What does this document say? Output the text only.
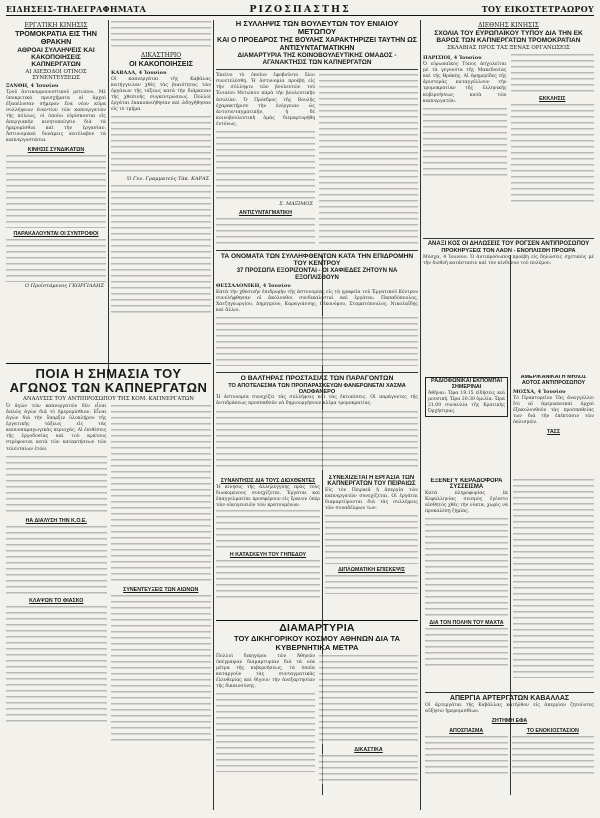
ΕΙΔΗΣΕΙΣ-ΤΗΛΕΓΡΑΦΗΜΑΤΑ	ΡΙΖΟΣΠΑΣΤΗΣ	ΤΟΥ ΕΙΚΟΣΤΕΤΡΑΩΡΟΥ
ΕΡΓΑΤΙΚΗ ΚΙΝΗΣΙΣ
ΤΡΟΜΟΚΡΑΤΙΑ ΕΙΣ ΤΗΝ ΘΡΑΚΗΝ
ΑΘΡΟΑΙ ΣΥΛΛΗΨΕΙΣ ΚΑΙ ΚΑΚΟΠΟΙΗΣΕΙΣ ΚΑΠΝΕΡΓΑΤΩΝ
ΑΙ ΔΙΕΞΟΔΟΙ ΟΤΙΝΟΣ ΣΥΝΕΝΤΕΥΞΕΩΣ
ΞΑΝΘΗ, 4 Ἰουνίου
Τροῦ ἀντικομμουνιστικοῦ μετώπου. Μὲ ὑποκριτικὰ προσχήματα αἱ ἀρχαὶ ἐξαπέλυσαν σήμερον ἕνα νέον κῦμα συλλήψεων ἐναντίον τῶν καπνεργατῶν τῆς πόλεως, οἱ ὁποῖοι εὑρίσκονται εἰς ἀπεργιακὴν κινητοποίησιν διὰ τὰ ἡμερομίσθια καὶ τὴν ἐργασίαν. Ἀστυνομικαὶ δυνάμεις κατέλαβον τὰ καπνεργοστάσια.
ΚΙΝΗΣΙΣ ΣΥΝΔΙΚΑΤΩΝ
ΠΑΡΑΚΑΛΟΥΝΤΑΙ ΟΙ ΣΥΝΤΡΟΦΟΙ
Ο Προϊστάμενος ΓΕΩΡΓΙΑΔΗΣ
ΔΙΚΑΣΤΗΡΙΟ
ΟΙ ΚΑΚΟΠΟΙΗΣΕΙΣ
ΚΑΒΑΛΑ, 4 Ἰουνίου
Οἱ καπνεργάται τῆς Καβάλας κατήγγειλαν χθὲς τὰς βιαιότητας τῶν ὀργάνων τῆς τάξεως κατὰ τὴν διάρκειαν τῆς χθεσινῆς συγκεντρώσεως. Πολλοὶ ἐργάται ἐκακοποιήθησαν καὶ ὡδηγήθησαν εἰς τὸ τμῆμα.
Ὁ Γεν. Γραμματεὺς Τάκ. ΚΑΡΑΣ
Η ΣΥΛΛΗΨΙΣ ΤΩΝ ΒΟΥΛΕΥΤΩΝ ΤΟΥ ΕΝΙΑΙΟΥ ΜΕΤΩΠΟΥ
ΚΑΙ Ο ΠΡΟΕΔΡΟΣ ΤΗΣ ΒΟΥΛΗΣ ΧΑΡΑΚΤΗΡΙΖΕΙ ΤΑΥΤΗΝ ΩΣ ΑΝΤΙΣΥΝΤΑΓΜΑΤΙΚΗΝ
ΔΙΑΜΑΡΤΥΡΙΑ ΤΗΣ ΚΟΙΝΟΒΟΥΛΕΥΤΙΚΗΣ ΟΜΑΔΟΣ - ΑΓΑΝΑΚΤΗΣΙΣ ΤΩΝ ΚΑΠΝΕΡΓΑΤΩΝ
Ἐκείνο τὸ ὁποῖον ἐφοβοῦντο ὅλοι συνετελέσθη. Ἡ ἀστυνομία προέβη εἰς τὴν σύλληψιν τῶν βουλευτῶν τοῦ Ἑνιαίου Μετώπου παρὰ τὴν βουλευτικὴν ἀσυλίαν. Ὁ Πρόεδρος τῆς Βουλῆς ἐχαρακτήρισε τὴν ἐνέργειαν ὡς ἀντισυνταγματικήν, ἡ δὲ κοινοβουλευτικὴ ὁμὰς διεμαρτυρήθη ἐντόνως.
Σ. ΜΑΞΙΜΟΣ
ΑΝΤΙΣΥΝΤΑΓΜΑΤΙΚΗ
ΤΑ ΟΝΟΜΑΤΑ ΤΩΝ ΣΥΛΛΗΦΘΕΝΤΩΝ ΚΑΤΑ ΤΗΝ ΕΠΙΔΡΟΜΗΝ ΤΟΥ ΚΕΝΤΡΟΥ
37 ΠΡΟΣΩΠΑ ΕΞΟΡΙΖΟΝΤΑΙ - ΟΙ ΧΑΦΙΕΔΕΣ ΖΗΤΟΥΝ ΝΑ ΕΞΟΠΛΙΣΘΟΥΝ
ΘΕΣΣΑΛΟΝΙΚΗ, 4 Ἰουνίου
Κατὰ τὴν χθεσινὴν ἐπιδρομὴν τῆς ἀστυνομίας εἰς τὰ γραφεῖα τοῦ Ἐργατικοῦ Κέντρου συνελήφθησαν οἱ ἀκόλουθοι συνδικαλισταὶ καὶ ἐργάται: Παπαδόπουλος, Χατζηγεωργίου, Δημητρίου, Καραγιάννης, Οἰκονόμου, Σταματόπουλος, Νικολαΐδης καὶ ἄλλοι.
Ο ΒΑΛΤΗΡΑΣ ΠΡΟΣΤΑΣΙΑΣ ΤΩΝ ΠΑΡΑΓΟΝΤΩΝ
ΤΟ ΑΠΟΤΕΛΕΣΜΑ ΤΩΝ ΠΡΟΠΑΡΑΣΚΕΥΩΝ ΦΑΝΕΡΩΝΕΤΑΙ ΧΑΣΜΑ ΟΛΟΦΑΝΕΡΟ
Ἡ ἀστυνομία συνεχίζει τὰς συλλήψεις καὶ τὰς ἐκτοπίσεις. Οἱ παράγοντες τῆς ἀντιδράσεως προσπαθοῦν νὰ δημιουργήσουν κλῖμα τρομοκρατίας.
ΠΟΙΑ Η ΣΗΜΑΣΙΑ ΤΟΥ ΑΓΩΝΟΣ ΤΩΝ ΚΑΠΝΕΡΓΑΤΩΝ
ΑΝΑΛΥΣΙΣ ΤΟΥ ΑΝΤΙΠΡΟΣΩΠΟΥ ΤΗΣ ΚΟΜ. ΚΑΠΝΕΡΓΑΤΩΝ
Ὁ ἀγὼν τῶν καπνεργατῶν δὲν εἶναι ἁπλῶς ἀγὼν διὰ τὸ ἡμερομίσθιον. Εἶναι ἀγὼν διὰ τὴν ὕπαρξιν ὁλοκλήρου τῆς ἐργατικῆς τάξεως εἰς τὰς καπνοπαραγωγικὰς περιοχάς. Αἱ ἐπιθέσεις τῆς ἐργοδοσίας καὶ τοῦ κράτους στρέφονται κατὰ τῶν κατακτήσεων τῶν τελευταίων ἐτῶν.
ΗΑ ΔΙΑΛΥΣΗ ΤΗΝ Κ.Ο.Ε.
ΚΛΑΨΩΝ ΤΟ ΦΙΑΣΚΟ
ΣΥΝΕΝΤΕΥΞΕΙΣ ΤΩΝ ΑΙΩΝΩΝ
ΣΥΝΑΝΤΗΣΙΣ ΔΙΑ ΤΟΥΣ ΔΙΩΧΘΕΝΤΕΣ
Ἡ κίνησις τῆς ἀλληλεγγύης πρὸς τοὺς διωκομένους συνεχίζεται. Ἐργάται καὶ ἐπαγγελματίαι προσφέρουν εἰς ἔρανον ὑπὲρ τῶν οἰκογενειῶν τῶν κρατουμένων.
Η ΚΑΤΑΣΚΕΥΗ ΤΟΥ ΓΗΠΕΔΟΥ
ΣΥΝΕΧΙΖΕΤΑΙ Η ΕΡΓΑΣΙΑ ΤΩΝ ΚΑΠΝΕΡΓΑΤΩΝ ΤΟΥ ΠΕΙΡΑΙΩΣ
Εἰς τὸν Πειραιᾶ ἡ ἀπεργία τῶν καπνεργατῶν συνεχίζεται. Οἱ ἐργάται διαμαρτύρονται διὰ τὰς συλλήψεις τῶν συναδέλφων των.
ΔΙΠΛΩΜΑΤΙΚΗ ΕΠΙΣΚΕΨΙΣ
ΔΙΑΜΑΡΤΥΡΙΑ
ΤΟΥ ΔΙΚΗΓΟΡΙΚΟΥ ΚΟΣΜΟΥ ΑΘΗΝΩΝ ΔΙΑ ΤΑ ΚΥΒΕΡΝΗΤΙΚΑ ΜΕΤΡΑ
Πολλοὶ δικηγόροι τῶν Ἀθηνῶν ὑπέγραψαν διαμαρτυρίαν διὰ τὰ νέα μέτρα τῆς κυβερνήσεως, τὰ ὁποῖα καταργοῦν τὰς συνταγματικὰς ἐλευθερίας καὶ θίγουν τὴν ἀνεξαρτησίαν τῆς δικαιοσύνης.
ΔΙΚΑΣΤΙΚΑ
ΔΙΕΘΝΗΣ ΚΙΝΗΣΙΣ
ΣΧΟΛΙΑ ΤΟΥ ΕΥΡΩΠΑΪΚΟΥ ΤΥΠΟΥ ΔΙΑ ΤΗΝ ΕΚ ΒΑΡΟΣ ΤΩΝ ΚΑΠΝΕΡΓΑΤΩΝ ΤΡΟΜΟΚΡΑΤΙΑΝ
ΣΚΛΑΒΙΑΣ ΠΡΟΣ ΤΑΣ ΞΕΝΑΣ ΟΡΓΑΝΩΣΕΙΣ
ΠΑΡΙΣΙΟΙ, 4 Ἰουνίου
Ὁ εὐρωπαϊκὸς Τύπος ἀσχολεῖται μὲ τὰ γεγονότα τῆς Μακεδονίας καὶ τῆς Θράκης. Αἱ ἐφημερίδες τῆς ἀριστερᾶς καταγγέλλουν τὴν τρομοκρατίαν τῆς ἑλληνικῆς κυβερνήσεως κατὰ τῶν καπνεργατῶν.	ΕΚΚΛΗΣΙΣ
ΑΝΑΞΙ ΚΟΣ ΟΙ ΔΗΛΩΣΕΙΣ ΤΟΥ ΡΟΓΣΕΝ ΑΝΤΙΠΡΟΣΩΠΟΥ
ΠΡΟΚΗΡΥΞΕΙΣ ΤΟΝ ΛΑΟΝ - ΕΝΟΠΛΙΣΘΗ ΠΡΟΩΡΑ
Μόσχα, 4 Ἰουνίου. Ὁ ἀντιπρόσωπος προέβη εἰς δηλώσεις σχετικῶς μὲ τὴν διεθνῆ κατάστασιν καὶ τὸν κίνδυνον τοῦ πολέμου.
ΡΑΔΙΟΦΩΝΙΚΑΙ ΕΚΠΟΜΠΑΙ ΣΗΜΕΡΙΝΑΙ
Ἀθῆναι: Ὥρα 19.15 εἰδήσεις καὶ μουσική. Ὥρα 20.30 ὁμιλία. Ὥρα 21.00 συναυλία τῆς Κρατικῆς Ὀρχήστρας.
ΑΜΕΡΙΚΑΝΙΚΑΙ Η ΜΗΛΟΣ ΑΟΤΟΣ ΑΝΤΙΠΡΟΣΩΠΟΥ
ΜΟΣΧΑ, 4 Ἰουνίου
Τὸ Πρακτορεῖον Τὰς ἀναγγέλλει ὅτι αἱ ἀμερικανικαὶ ἀρχαὶ ἐξακολουθοῦν τὰς προσπαθείας των διὰ τὴν ἐπέκτασιν τῶν ὁπλισμῶν.
ΤΑΣΣ
ΕΞΕΝΕΓΥ ΚΕΡΑΔΟΦΟΡΑ ΣΥΣΣΕΙΣΜΑ
Κατὰ πληροφορίας ἐκ Κεφαλληνίας σεισμὸς ἐγένετο αἰσθητὸς χθὲς τὴν νύκτα, χωρὶς νὰ προκαλέσῃ ζημίας.
ΔΙΑ ΤΟΝ ΠΟΛΗΝ ΤΟΥ ΜΑΧΤΑ
ΑΠΕΡΓΙΑ ΑΡΤΕΡΓΑΤΩΝ ΚΑΒΑΛΛΑΣ
Οἱ ἀρτεργάται τῆς Καβάλλας κατῆλθον εἰς ἀπεργίαν ζητοῦντες αὔξησιν ἡμερομισθίων.
ΖΗΤΗΜΗ ΕΦΑ
ΑΠΟΣΠΑΣΜΑ	ΤΟ ΕΝΟΚΙΟΣΤΑΣΙΟΝ
